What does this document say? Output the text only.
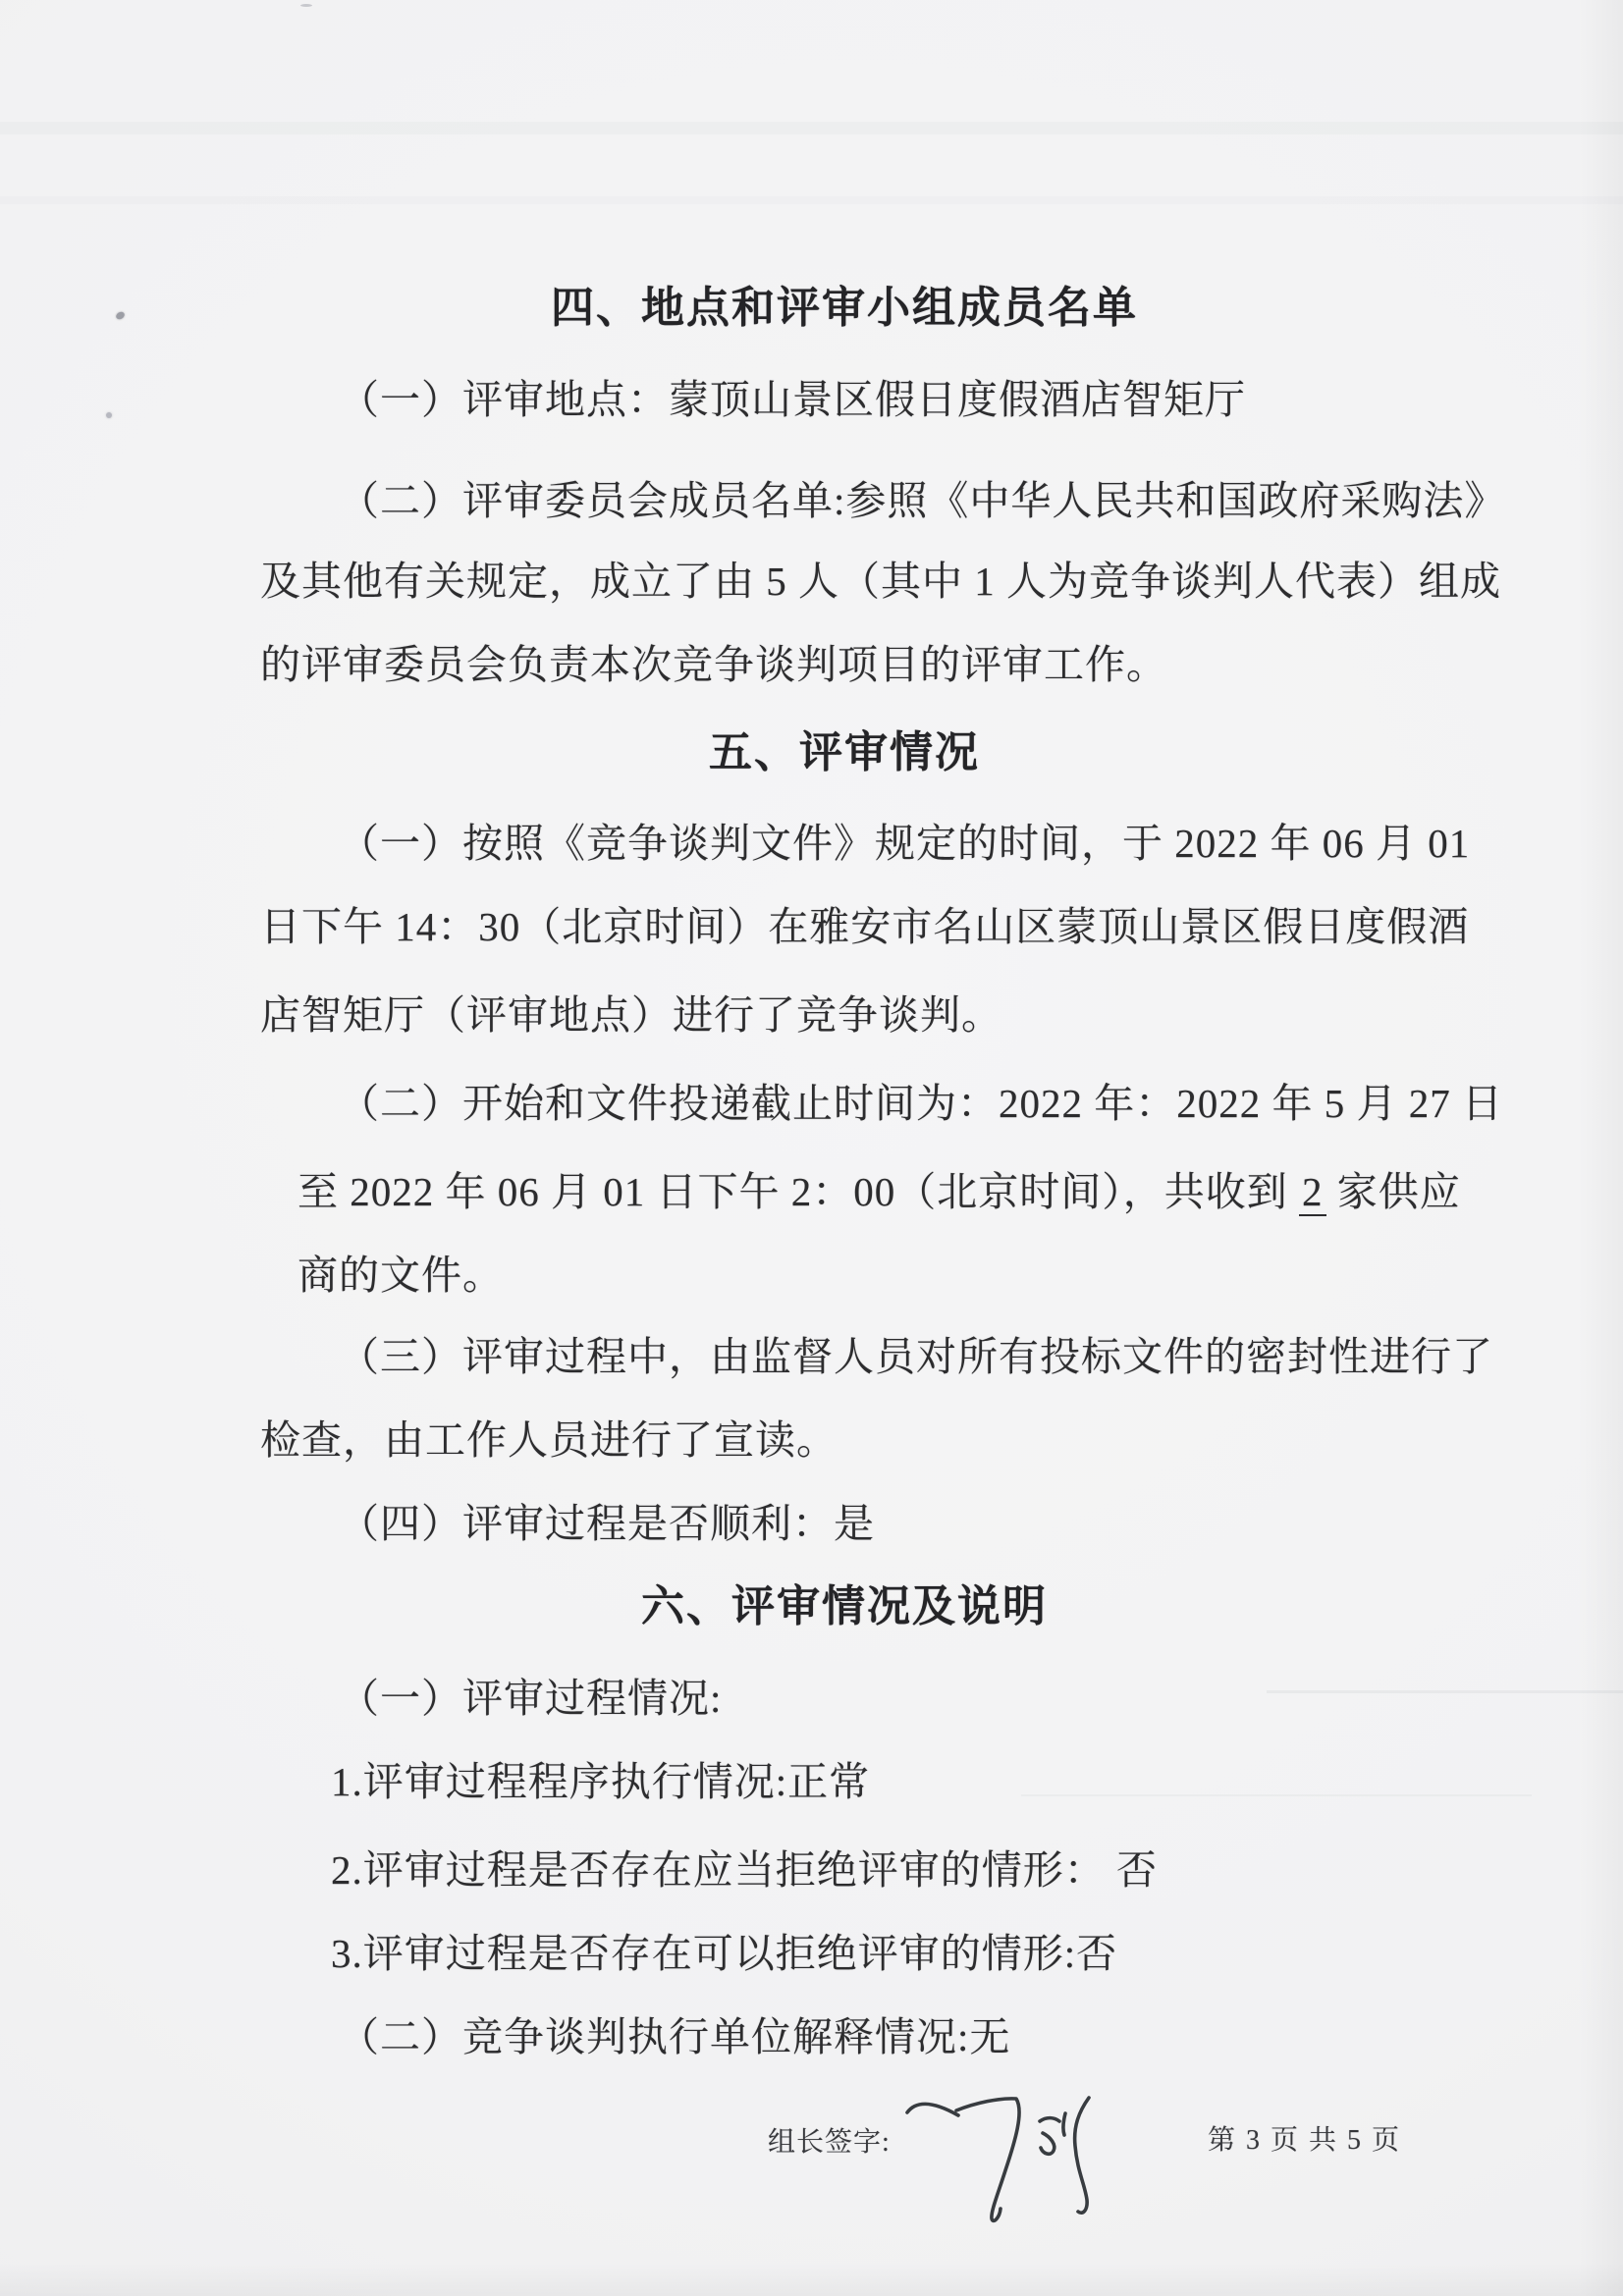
四、地点和评审小组成员名单
（一）评审地点：蒙顶山景区假日度假酒店智矩厅
（二）评审委员会成员名单:参照《中华人民共和国政府采购法》
及其他有关规定，成立了由 5 人（其中 1 人为竞争谈判人代表）组成
的评审委员会负责本次竞争谈判项目的评审工作。
五、评审情况
（一）按照《竞争谈判文件》规定的时间，于 2022 年 06 月 01
日下午 14：30（北京时间）在雅安市名山区蒙顶山景区假日度假酒
店智矩厅（评审地点）进行了竞争谈判。
（二）开始和文件投递截止时间为：2022 年：2022 年 5 月 27 日
至 2022 年 06 月 01 日下午 2：00（北京时间），共收到 2 家供应
商的文件。
（三）评审过程中，由监督人员对所有投标文件的密封性进行了
检查，由工作人员进行了宣读。
（四）评审过程是否顺利：是
六、评审情况及说明
（一）评审过程情况:
1.评审过程程序执行情况:正常
2.评审过程是否存在应当拒绝评审的情形： 否
3.评审过程是否存在可以拒绝评审的情形:否
（二）竞争谈判执行单位解释情况:无
组长签字:	第 3 页 共 5 页
